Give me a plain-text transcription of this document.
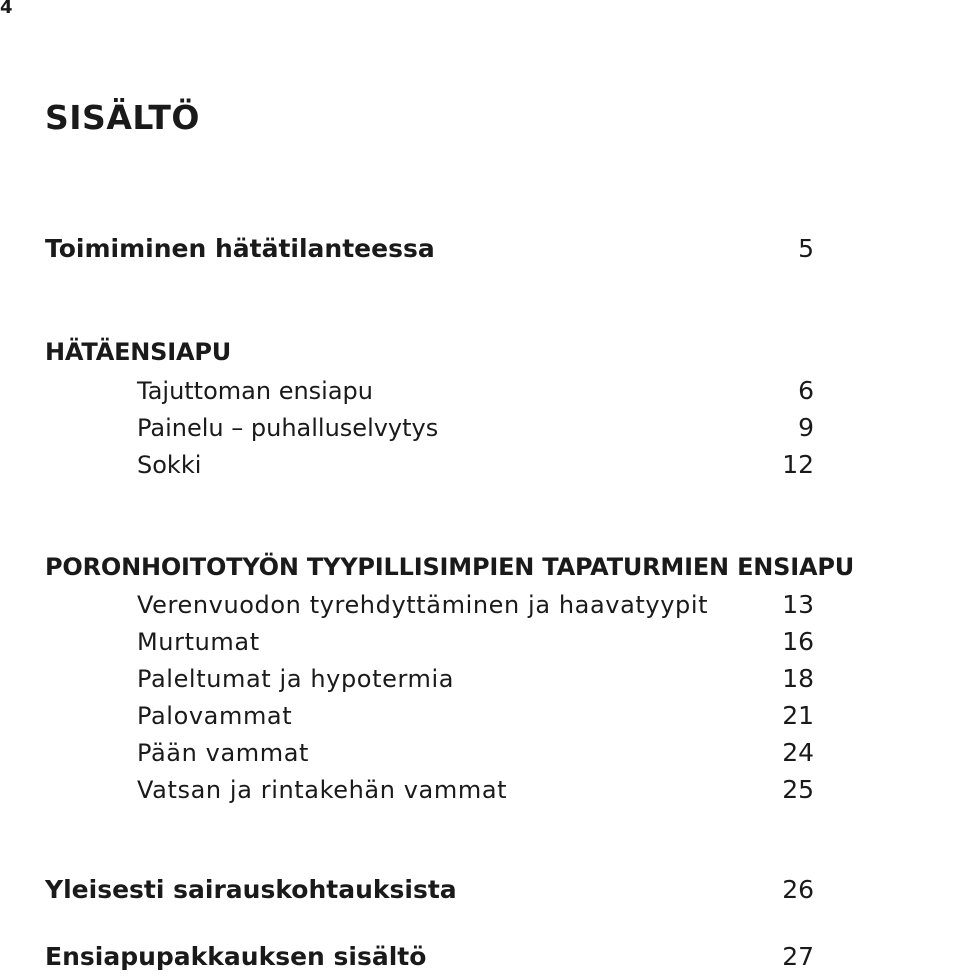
4
SISÄLTÖ
Toimiminen hätätilanteessa	5
HÄTÄENSIAPU
Tajuttoman ensiapu	6
Painelu – puhalluselvytys	9
Sokki	12
PORONHOITOTYÖN TYYPILLISIMPIEN TAPATURMIEN ENSIAPU
Verenvuodon tyrehdyttäminen ja haavatyypit	13
Murtumat	16
Paleltumat ja hypotermia	18
Palovammat	21
Pään vammat	24
Vatsan ja rintakehän vammat	25
Yleisesti sairauskohtauksista	26
Ensiapupakkauksen sisältö	27
